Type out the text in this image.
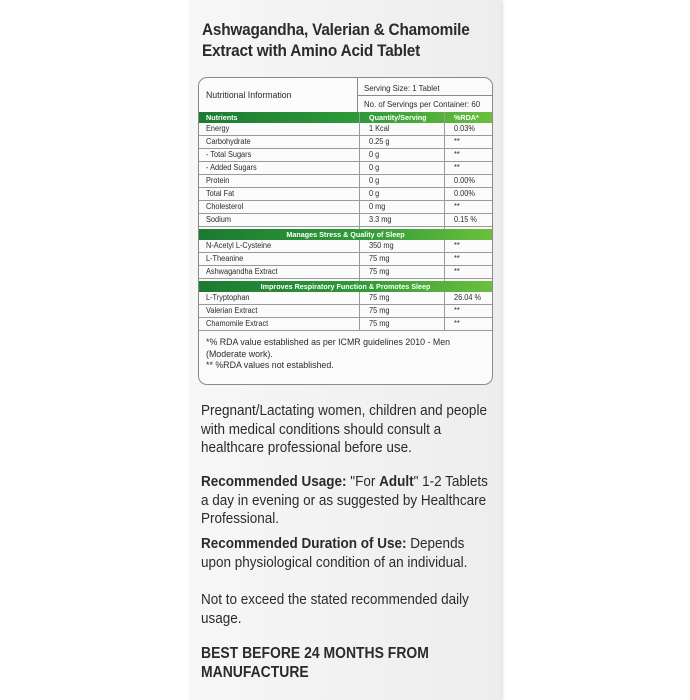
Ashwagandha, Valerian & Chamomile
Extract with Amino Acid Tablet
Nutritional Information
Serving Size: 1 Tablet
No. of Servings per Container: 60
Nutrients	Quantity/Serving	%RDA*
Energy	1 Kcal	0.03%
Carbohydrate	0.25 g	**
- Total Sugars	0 g	**
- Added Sugars	0 g	**
Protein	0 g	0.00%
Total Fat	0 g	0.00%
Cholesterol	0 mg	**
Sodium	3.3 mg	0.15 %
Manages Stress & Quality of Sleep
N-Acetyl L-Cysteine	350 mg	**
L-Theanine	75 mg	**
Ashwagandha Extract	75 mg	**
Improves Respiratory Function & Promotes Sleep
L-Tryptophan	75 mg	26.04 %
Valerian Extract	75 mg	**
Chamomile Extract	75 mg	**
*% RDA value established as per ICMR guidelines 2010 - Men (Moderate work).
** %RDA values not established.
Pregnant/Lactating women, children and people with medical conditions should consult a healthcare professional before use.
Recommended Usage: "For Adult" 1-2 Tablets a day in evening or as suggested by Healthcare Professional.
Recommended Duration of Use: Depends upon physiological condition of an individual.
Not to exceed the stated recommended daily usage.
BEST BEFORE 24 MONTHS FROM
MANUFACTURE
